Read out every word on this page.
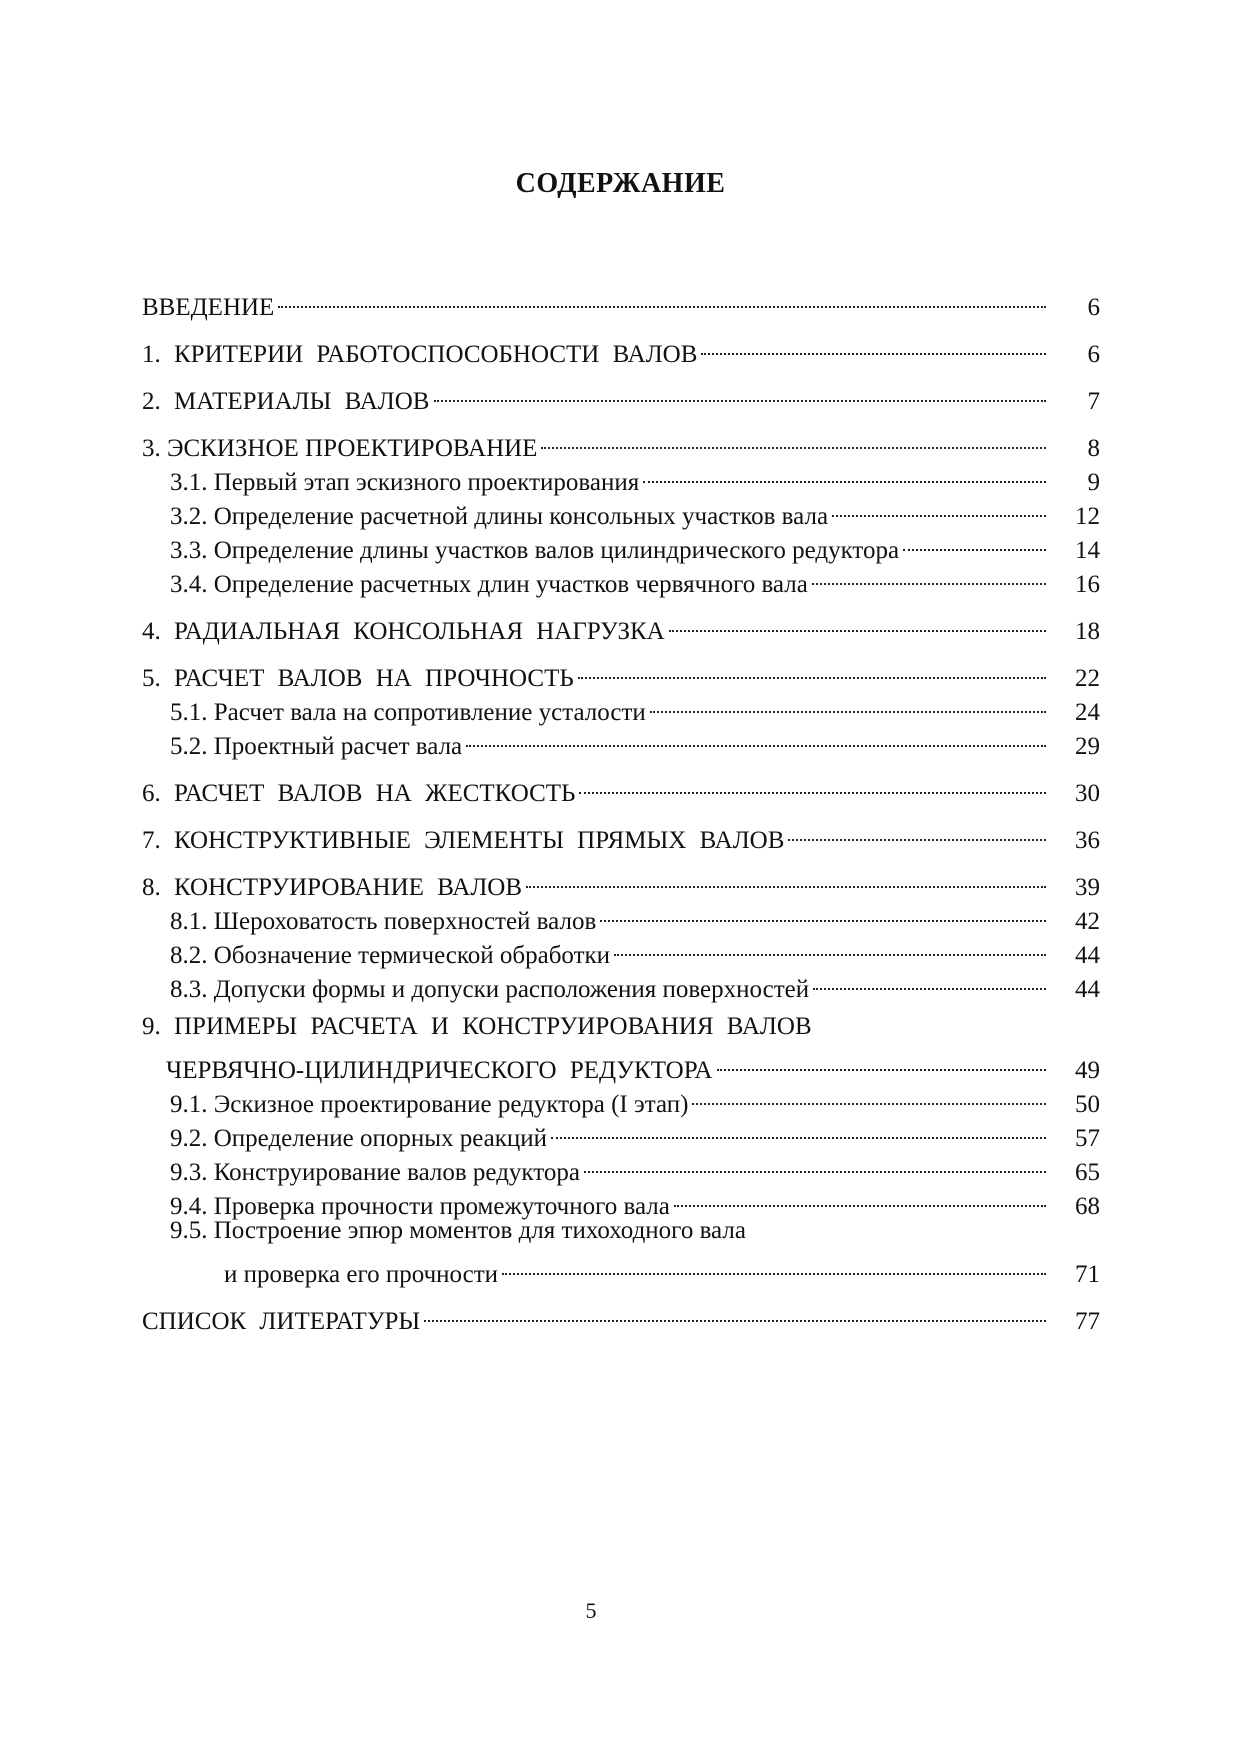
СОДЕРЖАНИЕ
ВВЕДЕНИЕ	6
1. КРИТЕРИИ РАБОТОСПОСОБНОСТИ ВАЛОВ	6
2. МАТЕРИАЛЫ ВАЛОВ	7
3. ЭСКИЗНОЕ ПРОЕКТИРОВАНИЕ	8
3.1. Первый этап эскизного проектирования	9
3.2. Определение расчетной длины консольных участков вала	12
3.3. Определение длины участков валов цилиндрического редуктора	14
3.4. Определение расчетных длин участков червячного вала	16
4. РАДИАЛЬНАЯ КОНСОЛЬНАЯ НАГРУЗКА	18
5. РАСЧЕТ ВАЛОВ НА ПРОЧНОСТЬ	22
5.1. Расчет вала на сопротивление усталости	24
5.2. Проектный расчет вала	29
6. РАСЧЕТ ВАЛОВ НА ЖЕСТКОСТЬ	30
7. КОНСТРУКТИВНЫЕ ЭЛЕМЕНТЫ ПРЯМЫХ ВАЛОВ	36
8. КОНСТРУИРОВАНИЕ ВАЛОВ	39
8.1. Шероховатость поверхностей валов	42
8.2. Обозначение термической обработки	44
8.3. Допуски формы и допуски расположения поверхностей	44
9. ПРИМЕРЫ РАСЧЕТА И КОНСТРУИРОВАНИЯ ВАЛОВ
ЧЕРВЯЧНО-ЦИЛИНДРИЧЕСКОГО РЕДУКТОРА	49
9.1. Эскизное проектирование редуктора (I этап)	50
9.2. Определение опорных реакций	57
9.3. Конструирование валов редуктора	65
9.4. Проверка прочности промежуточного вала	68
9.5. Построение эпюр моментов для тихоходного вала
и проверка его прочности	71
СПИСОК ЛИТЕРАТУРЫ	77
5
